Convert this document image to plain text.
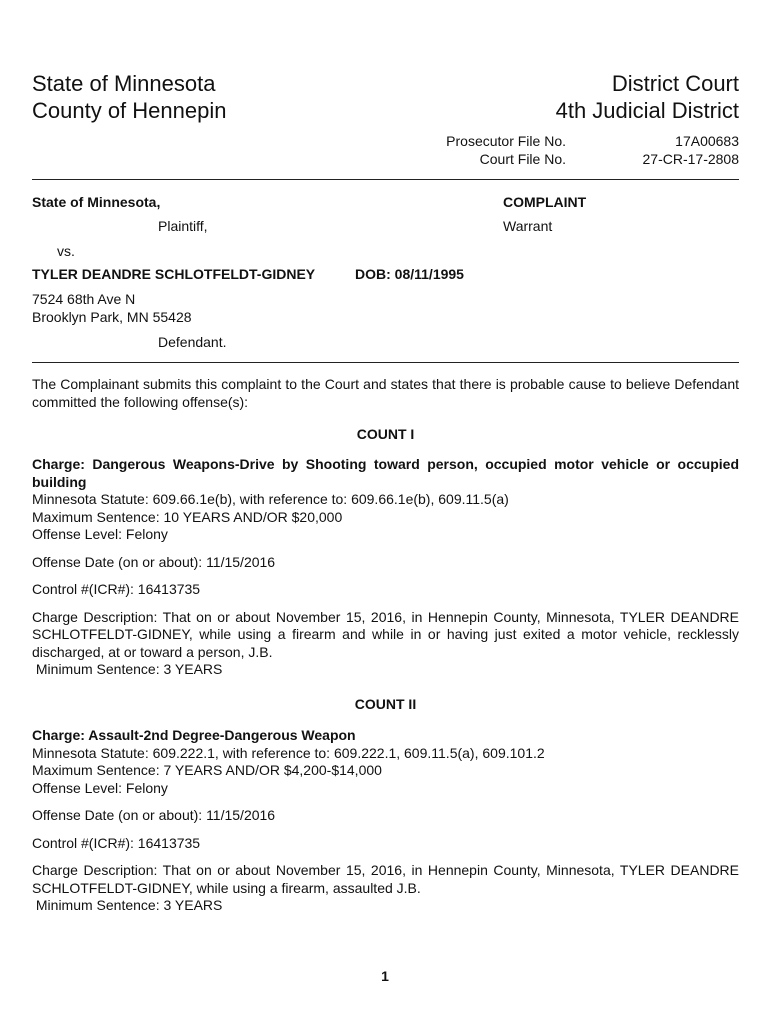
State of Minnesota
County of Hennepin
District Court
4th Judicial District
Prosecutor File No.
Court File No.
17A00683
27-CR-17-2808
State of Minnesota,
Plaintiff,
COMPLAINT
Warrant
vs.
TYLER DEANDRE SCHLOTFELDT-GIDNEY	DOB: 08/11/1995
7524 68th Ave N
Brooklyn Park, MN 55428
Defendant.
The Complainant submits this complaint to the Court and states that there is probable cause to believe Defendant committed the following offense(s):
COUNT I

Charge: Dangerous Weapons-Drive by Shooting toward person, occupied motor vehicle or occupied building

Minnesota Statute: 609.66.1e(b), with reference to: 609.66.1e(b), 609.11.5(a)

Maximum Sentence: 10 YEARS AND/OR $20,000

Offense Level: Felony

Offense Date (on or about): 11/15/2016

Control #(ICR#): 16413735

Charge Description: That on or about November 15, 2016, in Hennepin County, Minnesota, TYLER DEANDRE SCHLOTFELDT-GIDNEY, while using a firearm and while in or having just exited a motor vehicle, recklessly discharged, at or toward a person, J.B.

Minimum Sentence: 3 YEARS

COUNT II

Charge: Assault-2nd Degree-Dangerous Weapon

Minnesota Statute: 609.222.1, with reference to: 609.222.1, 609.11.5(a), 609.101.2

Maximum Sentence: 7 YEARS AND/OR $4,200-$14,000

Offense Level: Felony

Offense Date (on or about): 11/15/2016

Control #(ICR#): 16413735

Charge Description: That on or about November 15, 2016, in Hennepin County, Minnesota, TYLER DEANDRE SCHLOTFELDT-GIDNEY, while using a firearm, assaulted J.B.

Minimum Sentence: 3 YEARS

1
